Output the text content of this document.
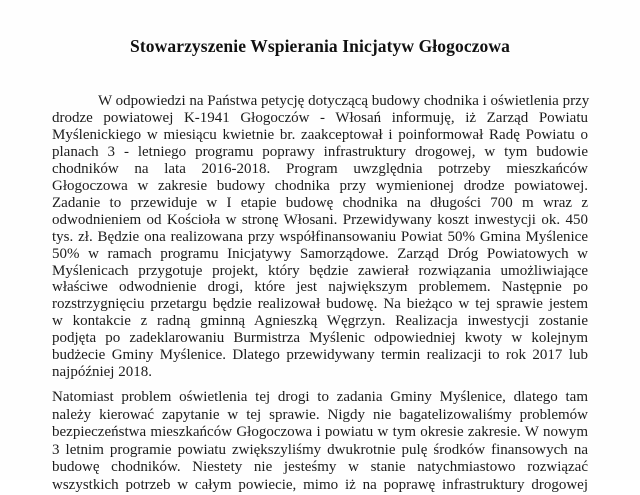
Stowarzyszenie Wspierania Inicjatyw Głogoczowa
W odpowiedzi na Państwa petycję dotyczącą budowy chodnika i oświetlenia przy
drodze powiatowej K-1941 Głogoczów - Włosań informuję, iż Zarząd Powiatu
Myślenickiego w miesiącu kwietnie br. zaakceptował i poinformował Radę Powiatu o
planach 3 - letniego programu poprawy infrastruktury drogowej, w tym budowie
chodników na lata 2016-2018. Program uwzględnia potrzeby mieszkańców
Głogoczowa w zakresie budowy chodnika przy wymienionej drodze powiatowej.
Zadanie to przewiduje w I etapie budowę chodnika na długości 700 m wraz z
odwodnieniem od Kościoła w stronę Włosani. Przewidywany koszt inwestycji ok. 450
tys. zł. Będzie ona realizowana przy współfinansowaniu Powiat 50% Gmina Myślenice
50% w ramach programu Inicjatywy Samorządowe. Zarząd Dróg Powiatowych w
Myślenicach przygotuje projekt, który będzie zawierał rozwiązania umożliwiające
właściwe odwodnienie drogi, które jest największym problemem. Następnie po
rozstrzygnięciu przetargu będzie realizował budowę. Na bieżąco w tej sprawie jestem
w kontakcie z radną gminną Agnieszką Węgrzyn. Realizacja inwestycji zostanie
podjęta po zadeklarowaniu Burmistrza Myślenic odpowiedniej kwoty w kolejnym
budżecie Gminy Myślenice. Dlatego przewidywany termin realizacji to rok 2017 lub
najpóźniej 2018.
Natomiast problem oświetlenia tej drogi to zadania Gminy Myślenice, dlatego tam
należy kierować zapytanie w tej sprawie. Nigdy nie bagatelizowaliśmy problemów
bezpieczeństwa mieszkańców Głogoczowa i powiatu w tym okresie zakresie. W nowym
3 letnim programie powiatu zwiększyliśmy dwukrotnie pulę środków finansowych na
budowę chodników. Niestety nie jesteśmy w stanie natychmiastowo rozwiązać
wszystkich potrzeb w całym powiecie, mimo iż na poprawę infrastruktury drogowej
